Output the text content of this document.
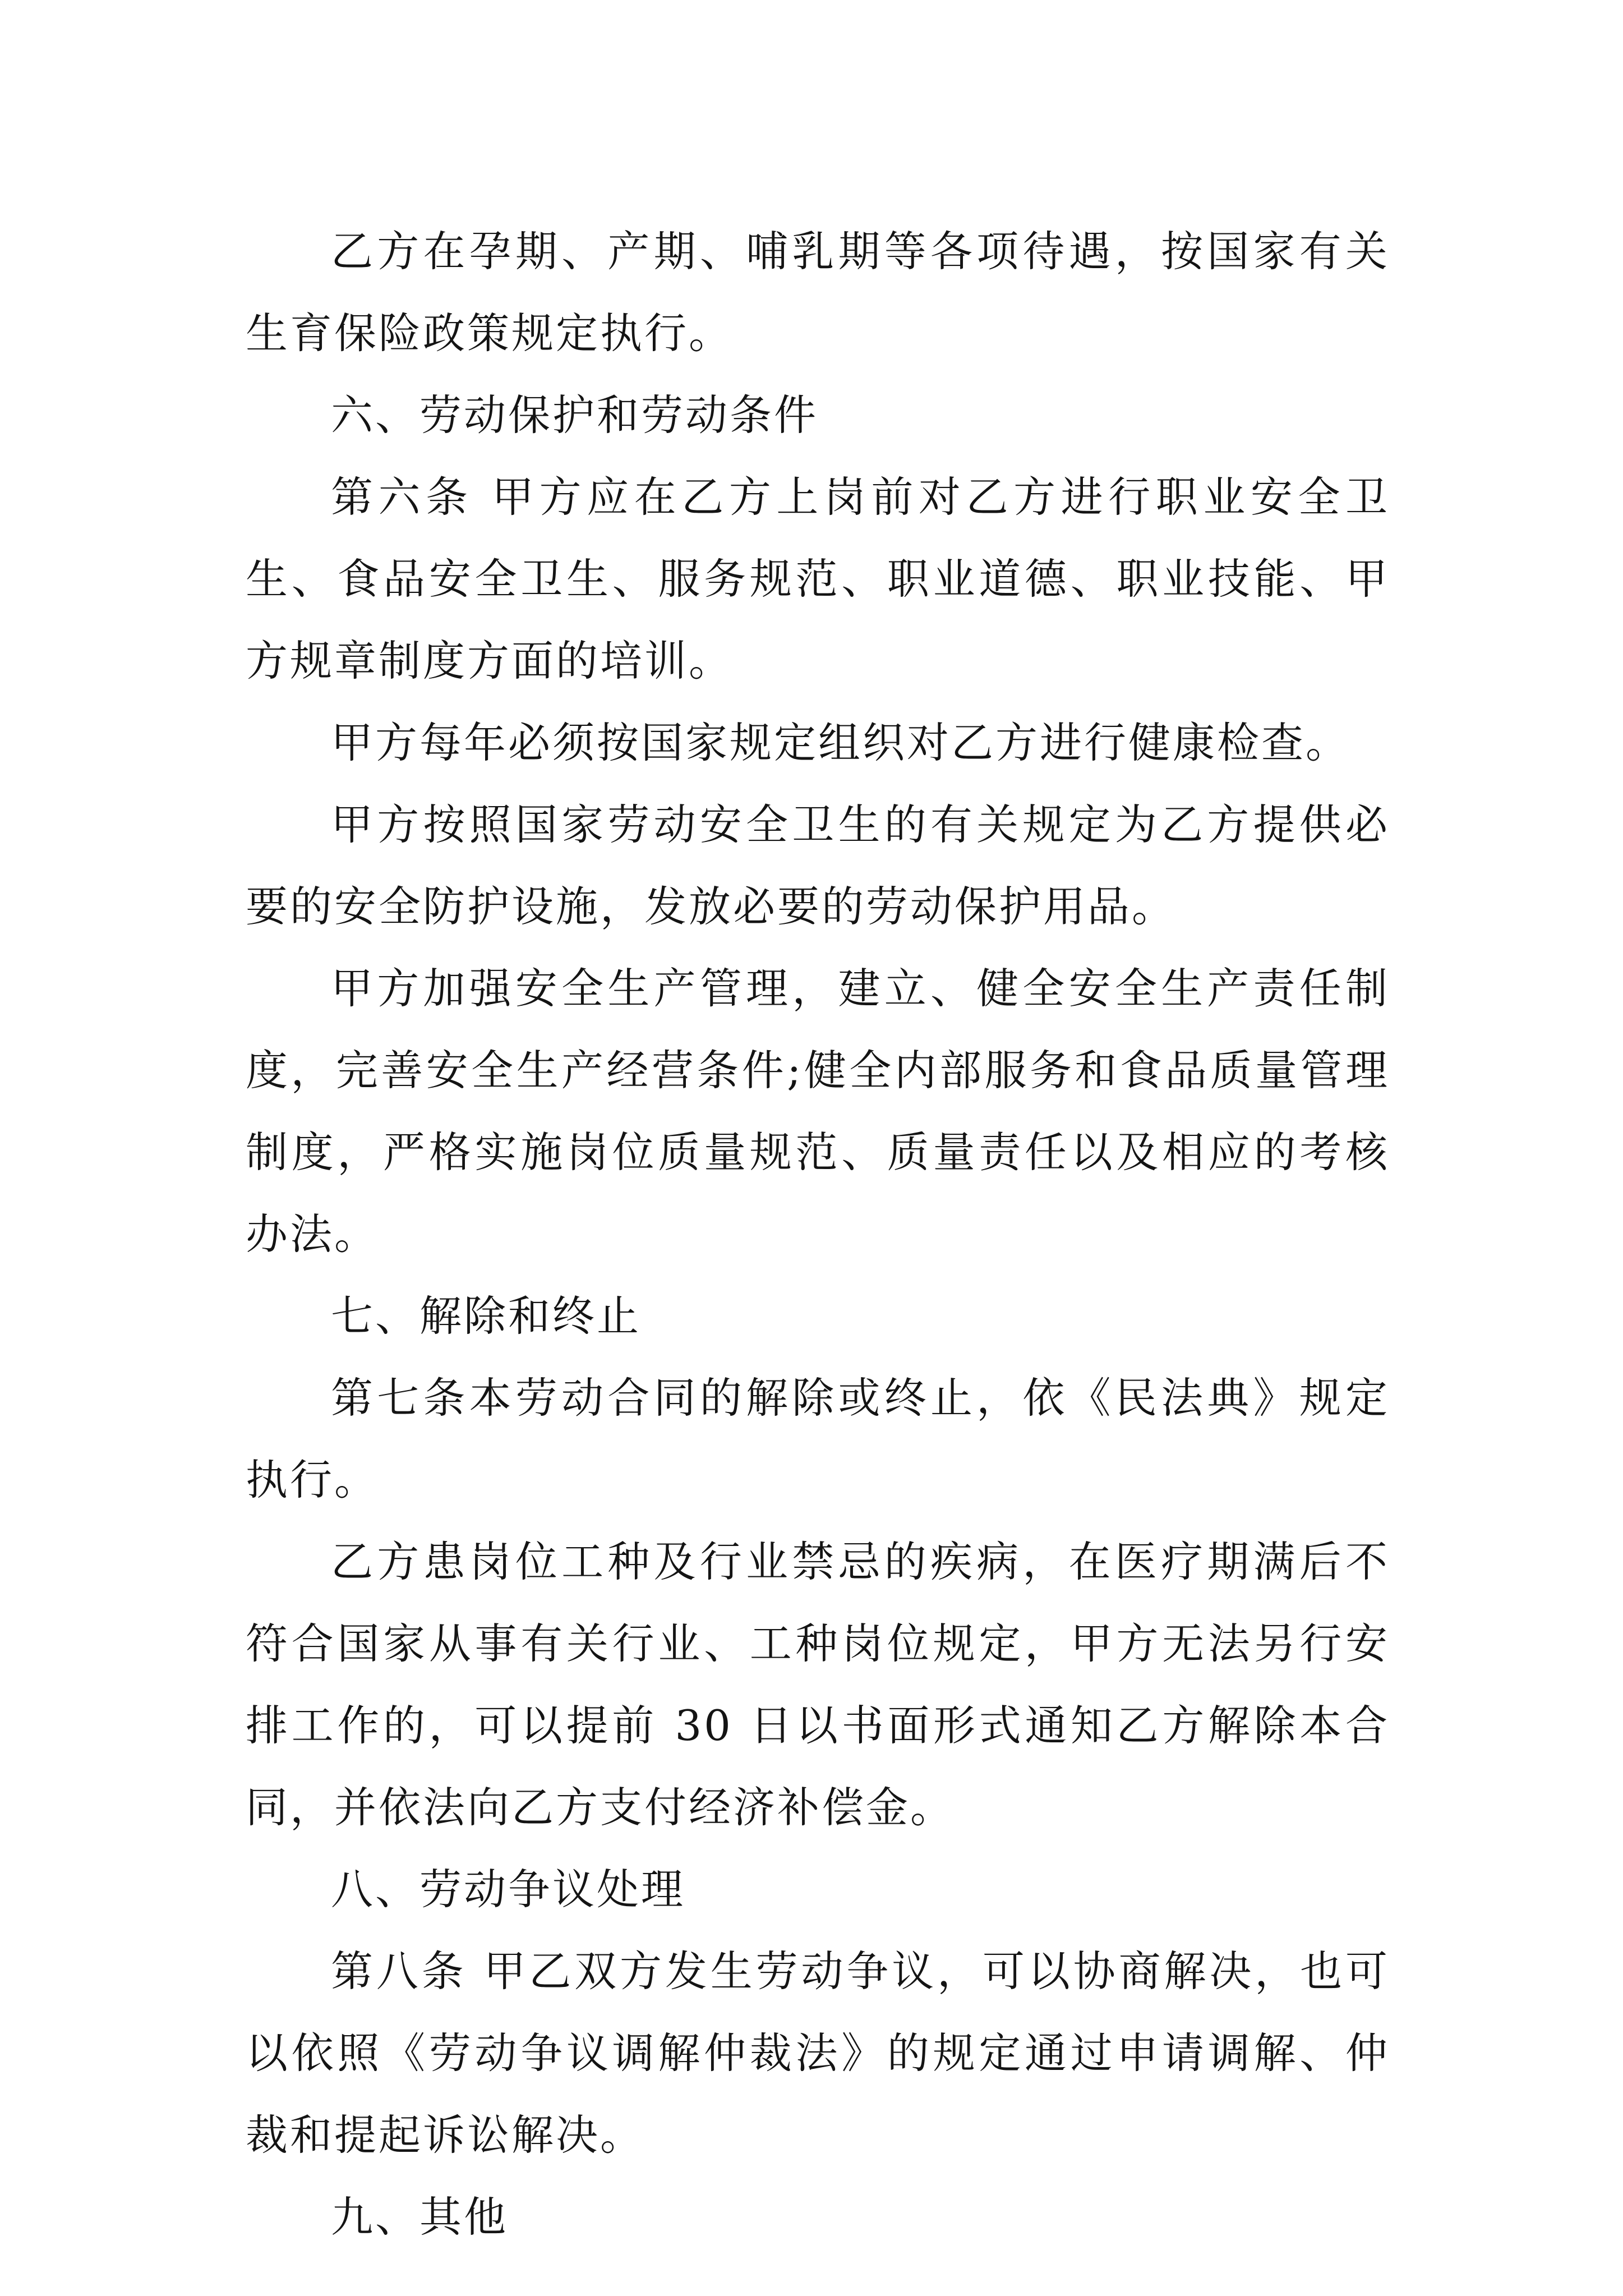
乙方在孕期、产期、哺乳期等各项待遇，按国家有关生育保险政策规定执行。

六、劳动保护和劳动条件

第六条 甲方应在乙方上岗前对乙方进行职业安全卫生、食品安全卫生、服务规范、职业道德、职业技能、甲方规章制度方面的培训。

甲方每年必须按国家规定组织对乙方进行健康检查。

甲方按照国家劳动安全卫生的有关规定为乙方提供必要的安全防护设施，发放必要的劳动保护用品。

甲方加强安全生产管理，建立、健全安全生产责任制度，完善安全生产经营条件;健全内部服务和食品质量管理制度，严格实施岗位质量规范、质量责任以及相应的考核办法。

七、解除和终止

第七条本劳动合同的解除或终止，依《民法典》规定执行。

乙方患岗位工种及行业禁忌的疾病，在医疗期满后不符合国家从事有关行业、工种岗位规定，甲方无法另行安排工作的，可以提前 30 日以书面形式通知乙方解除本合同，并依法向乙方支付经济补偿金。

八、劳动争议处理

第八条 甲乙双方发生劳动争议，可以协商解决，也可以依照《劳动争议调解仲裁法》的规定通过申请调解、仲裁和提起诉讼解决。

九、其他
